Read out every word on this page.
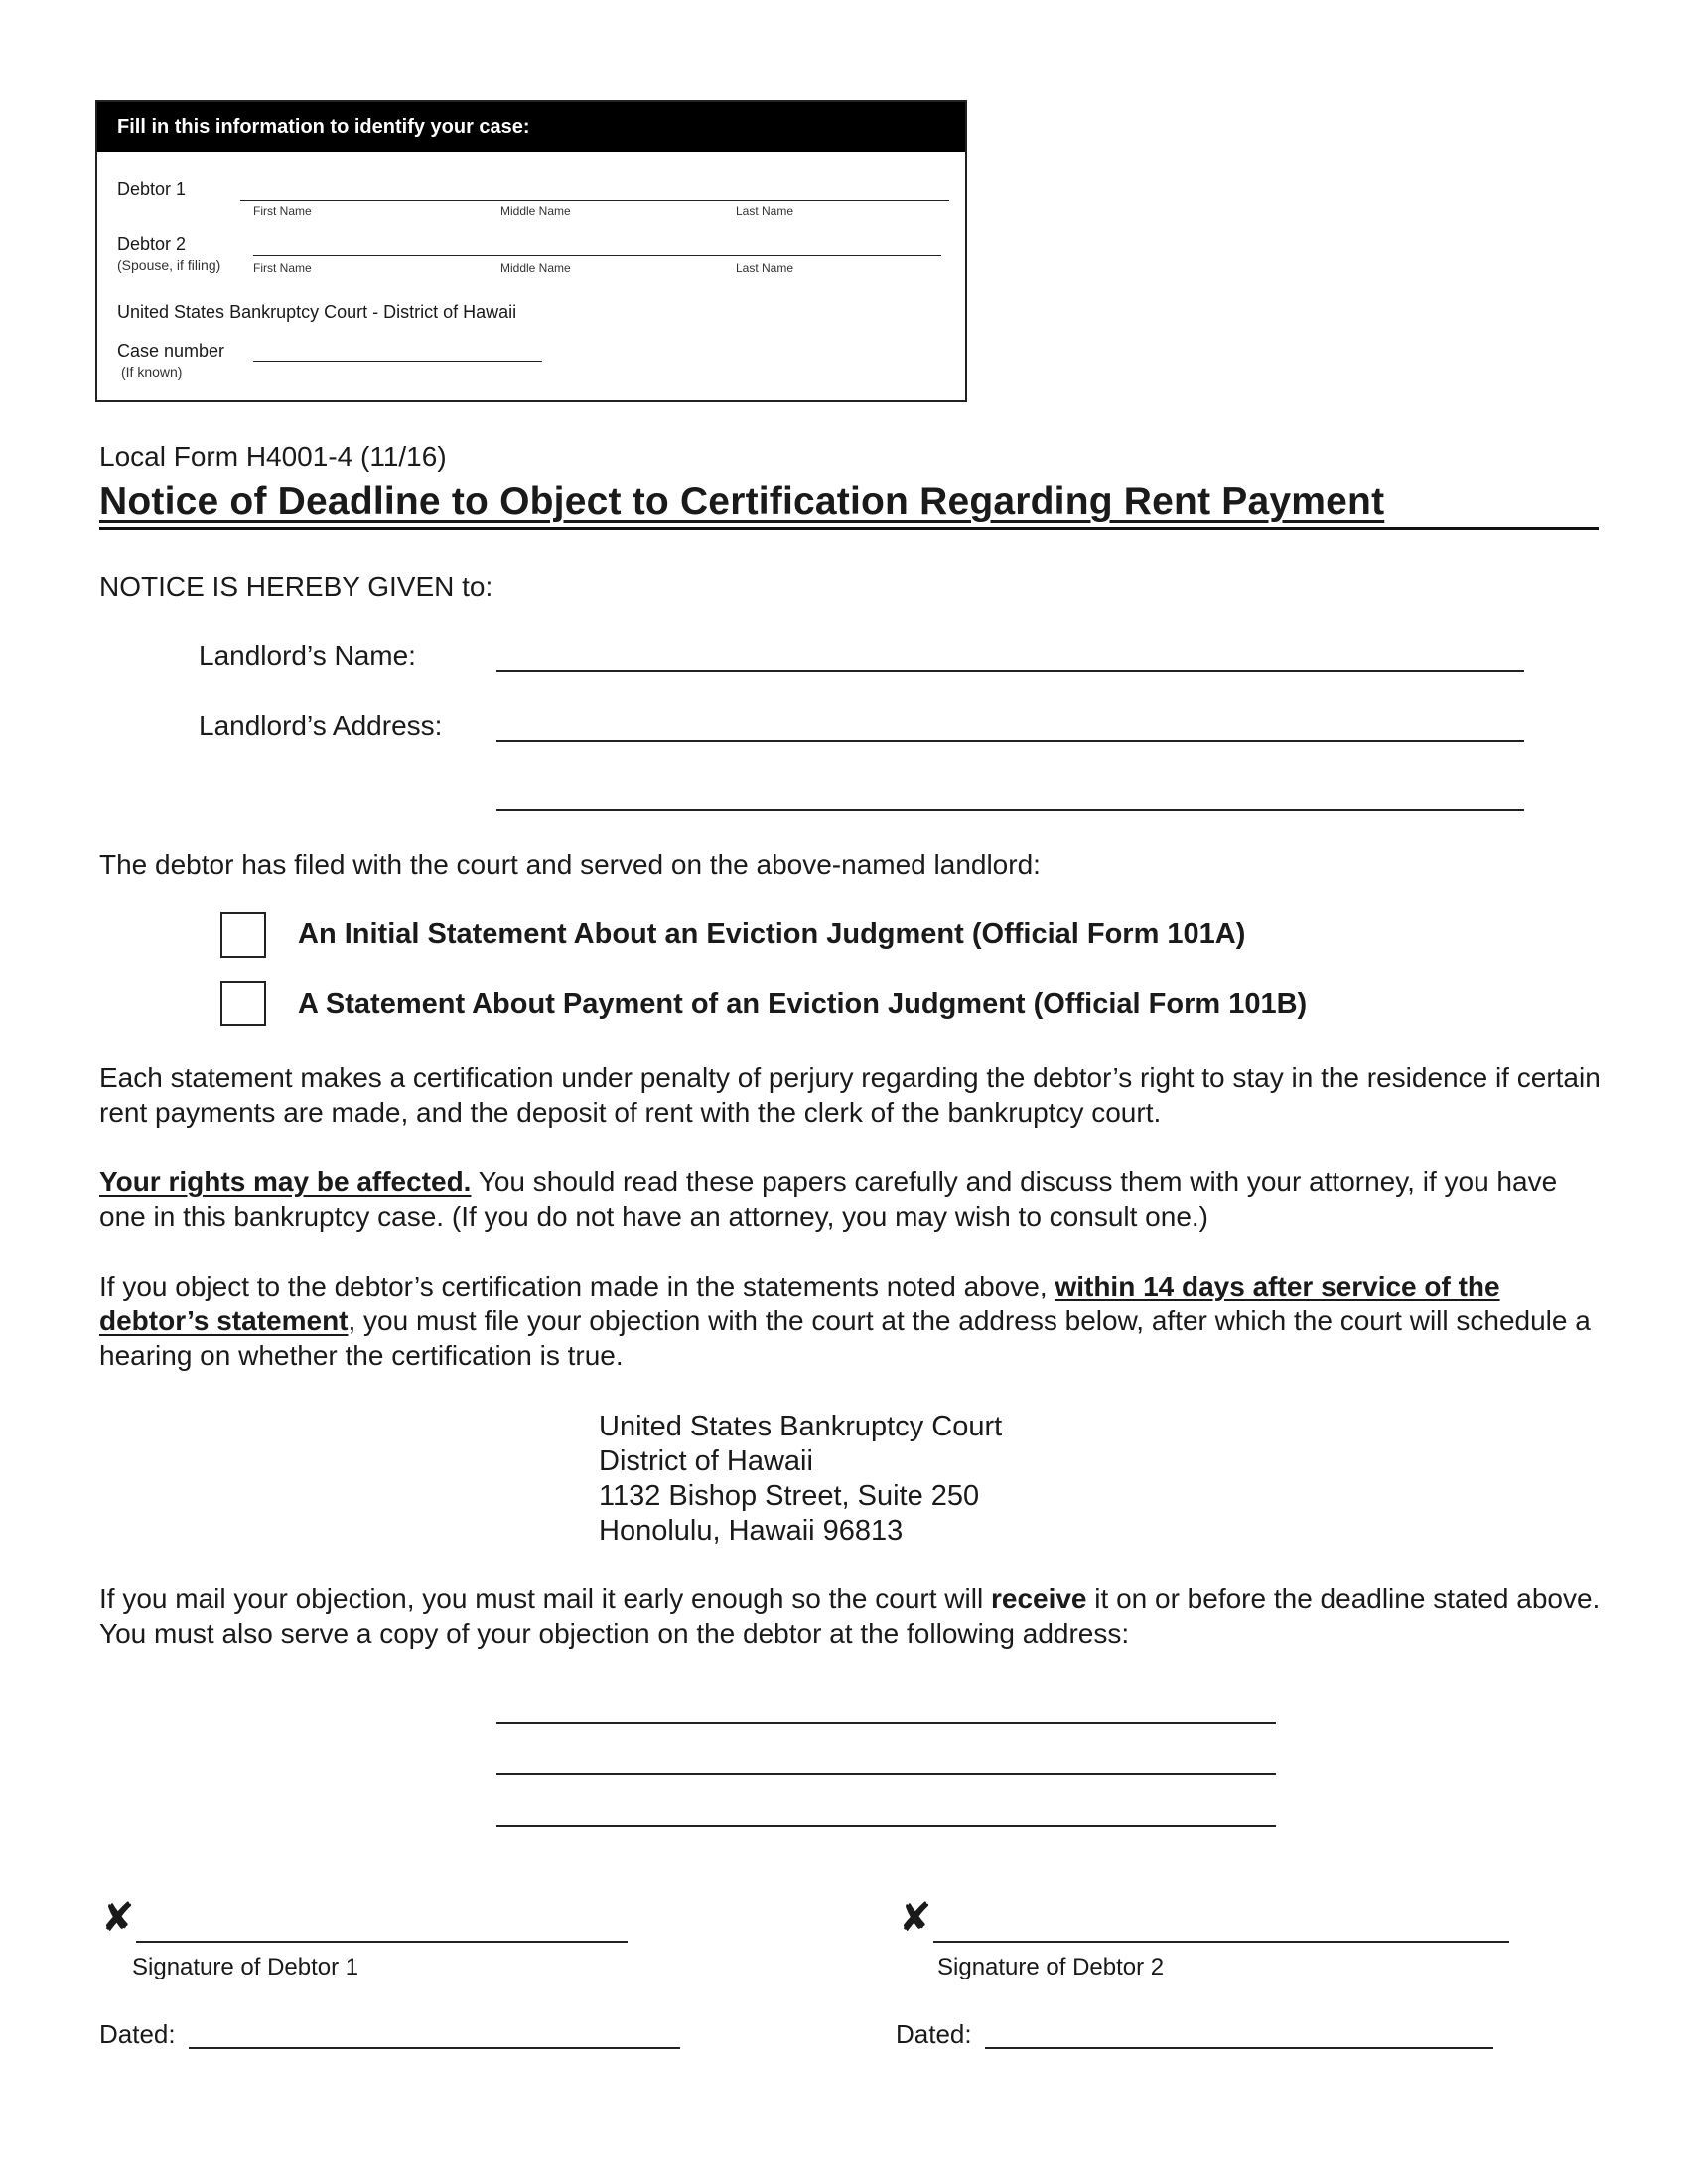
Fill in this information to identify your case:
Debtor 1
First Name	Middle Name	Last Name
Debtor 2
(Spouse, if filing)	First Name	Middle Name	Last Name
United States Bankruptcy Court - District of Hawaii
Case number
(If known)
Local Form H4001-4 (11/16)
Notice of Deadline to Object to Certification Regarding Rent Payment
NOTICE IS HEREBY GIVEN to:
Landlord’s Name:
Landlord’s Address:
The debtor has filed with the court and served on the above-named landlord:
An Initial Statement About an Eviction Judgment (Official Form 101A)
A Statement About Payment of an Eviction Judgment (Official Form 101B)
Each statement makes a certification under penalty of perjury regarding the debtor’s right to stay in the residence if certain rent payments are made, and the deposit of rent with the clerk of the bankruptcy court.
Your rights may be affected. You should read these papers carefully and discuss them with your attorney, if you have one in this bankruptcy case. (If you do not have an attorney, you may wish to consult one.)
If you object to the debtor’s certification made in the statements noted above, within 14 days after service of the debtor’s statement, you must file your objection with the court at the address below, after which the court will schedule a hearing on whether the certification is true.
United States Bankruptcy Court
District of Hawaii
1132 Bishop Street, Suite 250
Honolulu, Hawaii 96813
If you mail your objection, you must mail it early enough so the court will receive it on or before the deadline stated above. You must also serve a copy of your objection on the debtor at the following address:
✘
Signature of Debtor 1
✘
Signature of Debtor 2
Dated:	Dated:
